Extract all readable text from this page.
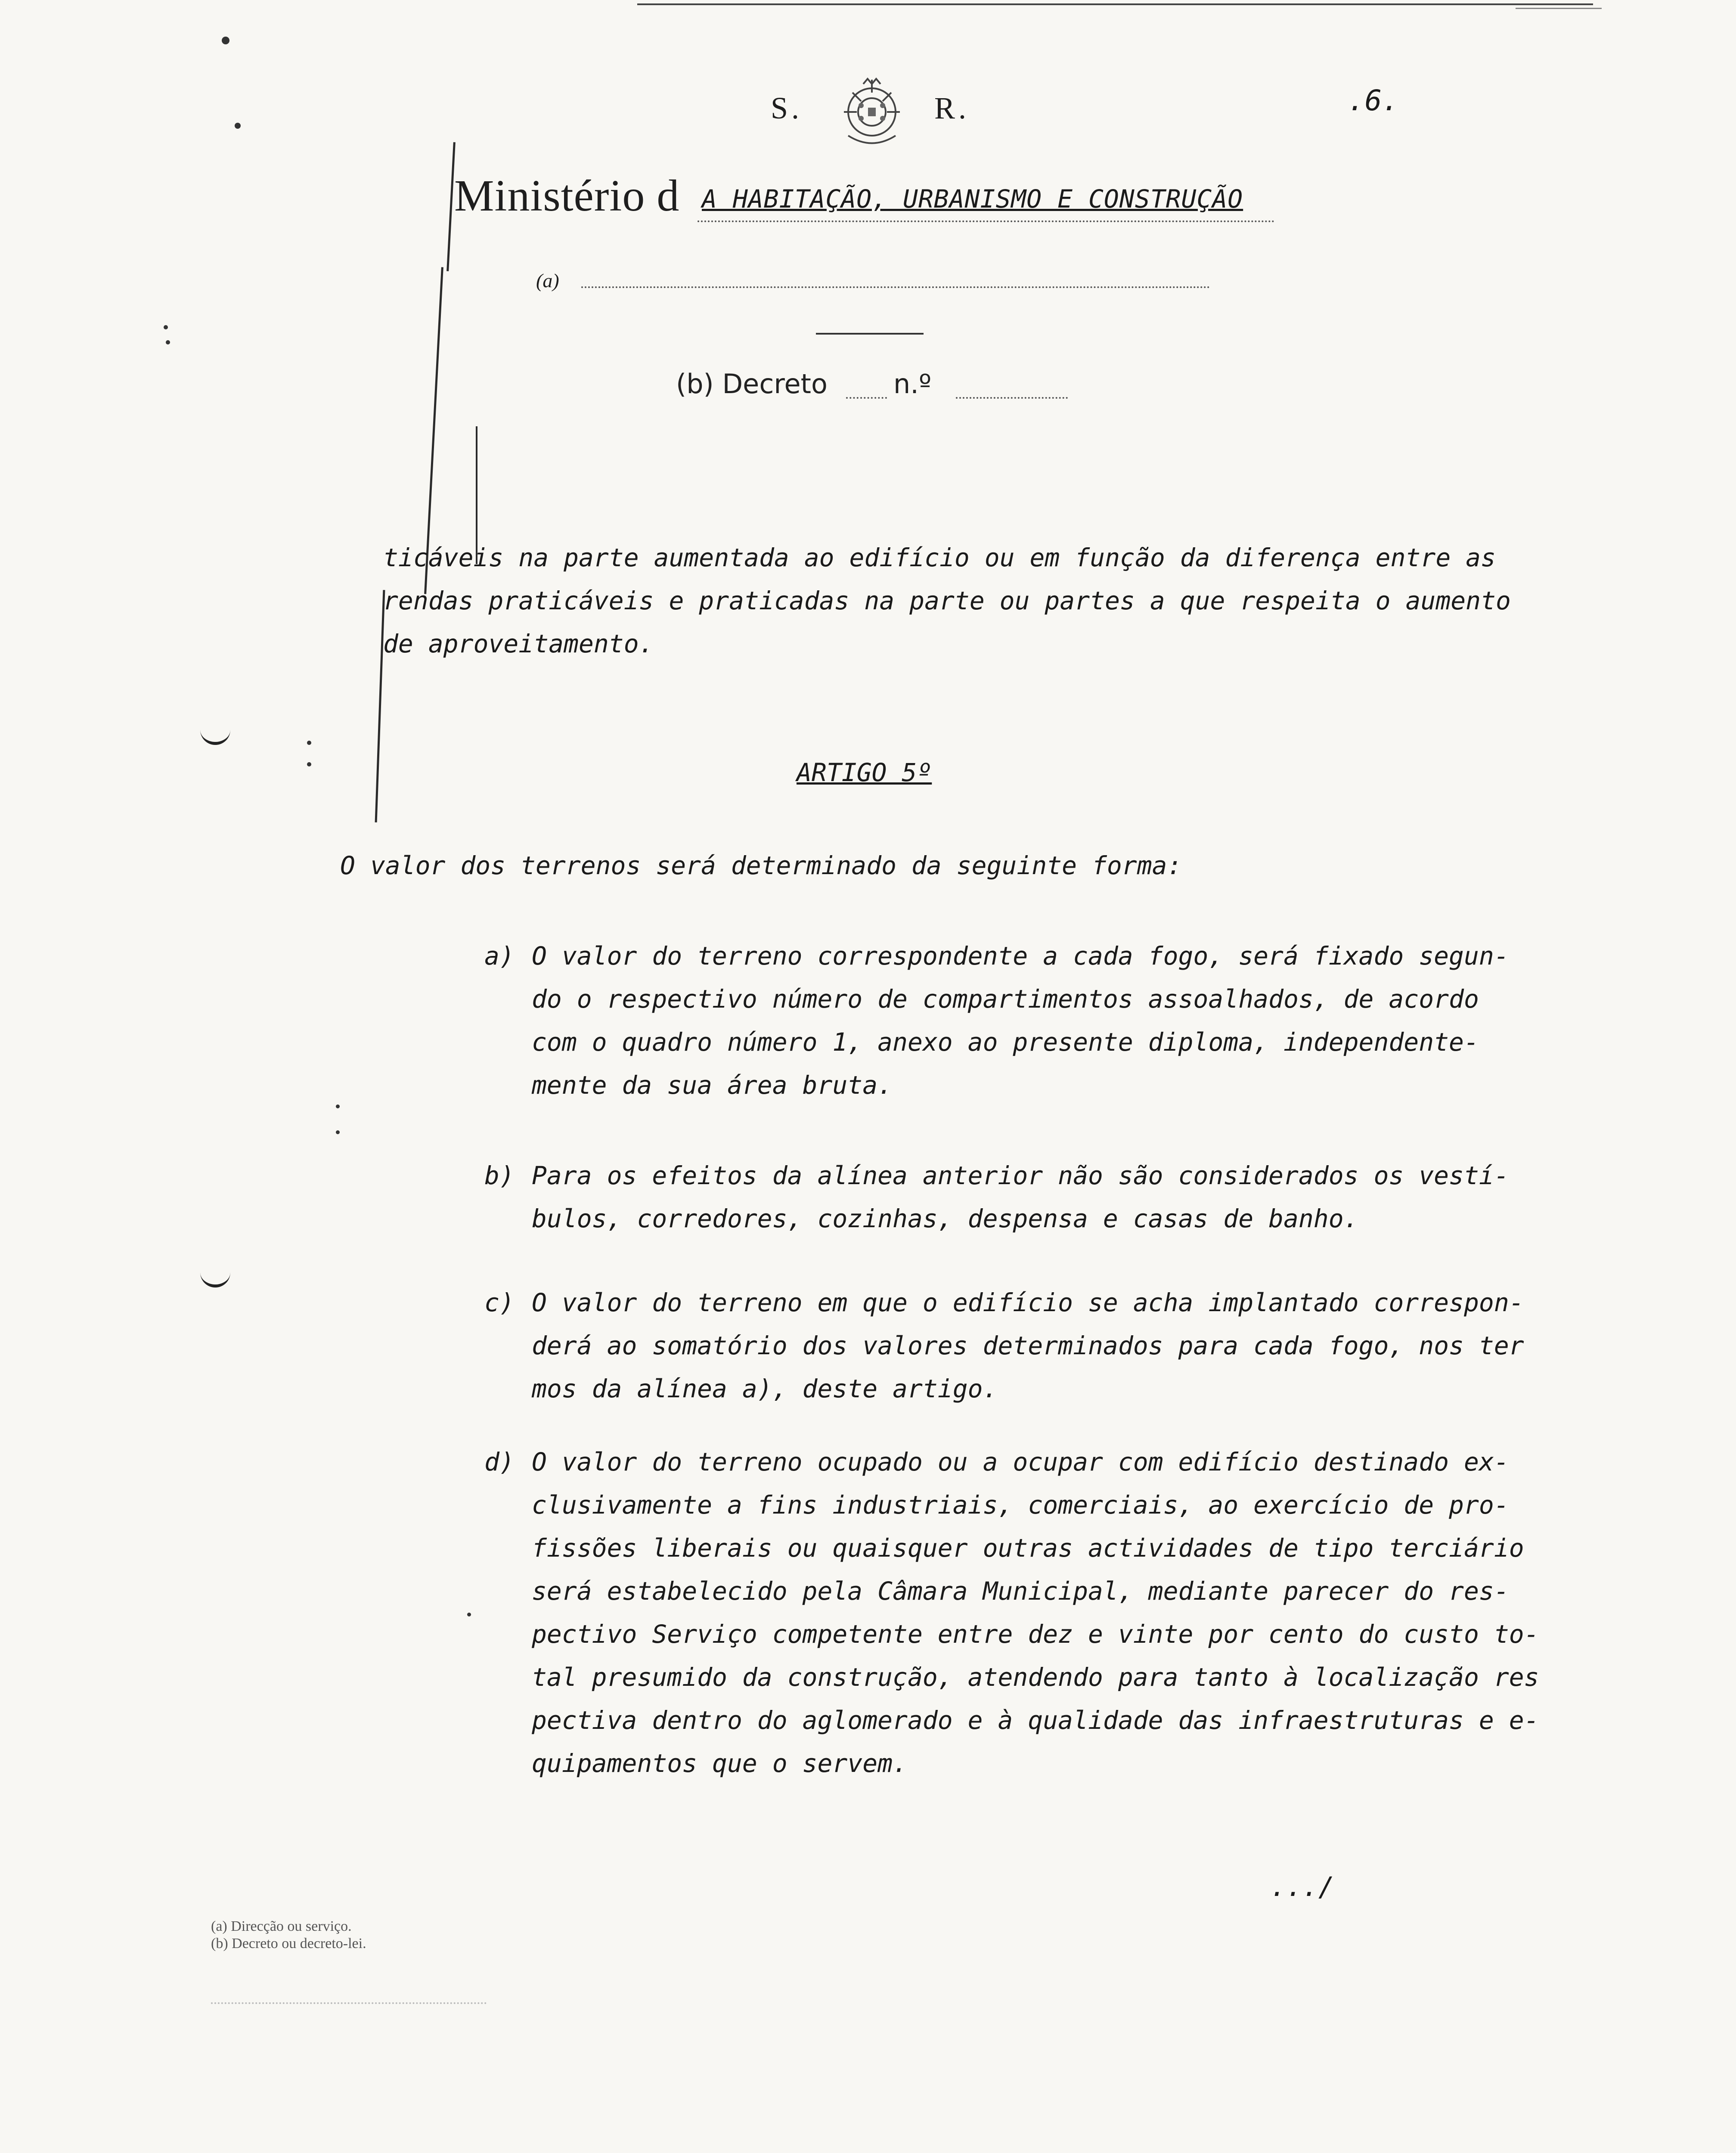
S.	R.	.6.
Ministério d A HABITAÇÃO, URBANISMO E CONSTRUÇÃO
(a)
(b) Decreto n.º
ticáveis na parte aumentada ao edifício ou em função da diferença entre as
rendas praticáveis e praticadas na parte ou partes a que respeita o aumento
de aproveitamento.
ARTIGO 5º
O valor dos terrenos será determinado da seguinte forma:
a) O valor do terreno correspondente a cada fogo, será fixado segun-
do o respectivo número de compartimentos assoalhados, de acordo
com o quadro número 1, anexo ao presente diploma, independente-
mente da sua área bruta.
b) Para os efeitos da alínea anterior não são considerados os vestí-
bulos, corredores, cozinhas, despensa e casas de banho.
c) O valor do terreno em que o edifício se acha implantado correspon-
derá ao somatório dos valores determinados para cada fogo, nos ter
mos da alínea a), deste artigo.
d) O valor do terreno ocupado ou a ocupar com edifício destinado ex-
clusivamente a fins industriais, comerciais, ao exercício de pro-
fissões liberais ou quaisquer outras actividades de tipo terciário
será estabelecido pela Câmara Municipal, mediante parecer do res-
pectivo Serviço competente entre dez e vinte por cento do custo to-
tal presumido da construção, atendendo para tanto à localização res
pectiva dentro do aglomerado e à qualidade das infraestruturas e e-
quipamentos que o servem.
.../
(a) Direcção ou serviço.
(b) Decreto ou decreto-lei.
